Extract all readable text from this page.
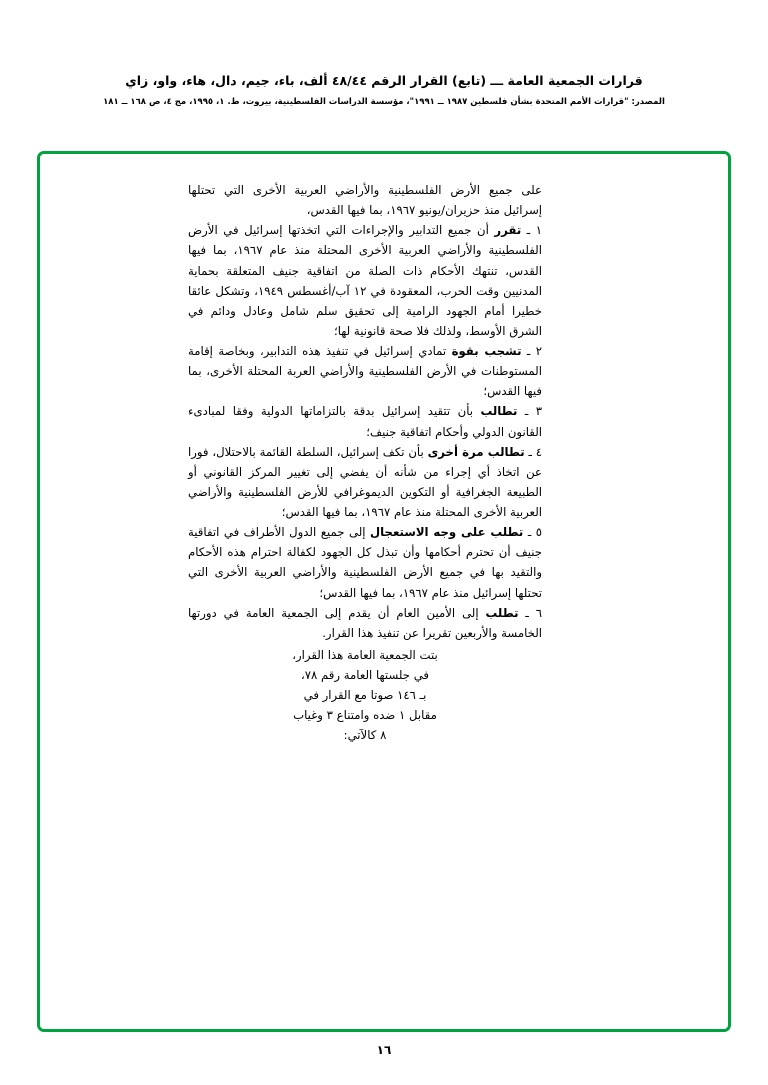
قرارات الجمعية العامة ـــ (تابع) القرار الرقم ٤٨/٤٤ ألف، باء، جيم، دال، هاء، واو، زاي
المصدر: "قرارات الأمم المتحدة بشأن فلسطين ١٩٨٧ ــ ١٩٩١"، مؤسسة الدراسات الفلسطينية، بيروت، ط. ١، ١٩٩٥، مج ٤، ص ١٦٨ ــ ١٨١

على جميع الأرض الفلسطينية والأراضي العربية الأخرى التي تحتلها إسرائيل منذ حزيران/يونيو ١٩٦٧، بما فيها القدس،

١ ـ تقرر أن جميع التدابير والإجراءات التي اتخذتها إسرائيل في الأرض الفلسطينية والأراضي العربية الأخرى المحتلة منذ عام ١٩٦٧، بما فيها القدس، تنتهك الأحكام ذات الصلة من اتفاقية جنيف المتعلقة بحماية المدنيين وقت الحرب، المعقودة في ١٢ آب/أغسطس ١٩٤٩، وتشكل عائقا خطيرا أمام الجهود الرامية إلى تحقيق سلم شامل وعادل ودائم في الشرق الأوسط، ولذلك فلا صحة قانونية لها؛

٢ ـ تشجب بقوة تمادي إسرائيل في تنفيذ هذه التدابير، وبخاصة إقامة المستوطنات في الأرض الفلسطينية والأراضي العربة المحتلة الأخرى، بما فيها القدس؛

٣ ـ تطالب بأن تتقيد إسرائيل بدقة بالتزاماتها الدولية وفقا لمبادىء القانون الدولي وأحكام اتفاقية جنيف؛

٤ ـ تطالب مرة أخرى بأن تكف إسرائيل، السلطة القائمة بالاحتلال، فورا عن اتخاذ أي إجراء من شأنه أن يفضي إلى تغيير المركز القانوني أو الطبيعة الجغرافية أو التكوين الديموغرافي للأرض الفلسطينية والأراضي العربية الأخرى المحتلة منذ عام ١٩٦٧، بما فيها القدس؛

٥ ـ تطلب على وجه الاستعجال إلى جميع الدول الأطراف في اتفاقية جنيف أن تحترم أحكامها وأن تبذل كل الجهود لكفالة احترام هذه الأحكام والتقيد بها في جميع الأرض الفلسطينية والأراضي العربية الأخرى التي تحتلها إسرائيل منذ عام ١٩٦٧، بما فيها القدس؛

٦ ـ تطلب إلى الأمين العام أن يقدم إلى الجمعية العامة في دورتها الخامسة والأربعين تقريرا عن تنفيذ هذا القرار.

بتت الجمعية العامة هذا القرار،
في جلستها العامة رقم ٧٨،
بـ ١٤٦ صوتا مع القرار في
مقابل ١ ضده وامتناع ٣ وغياب
٨ كالآتي:
١٦
